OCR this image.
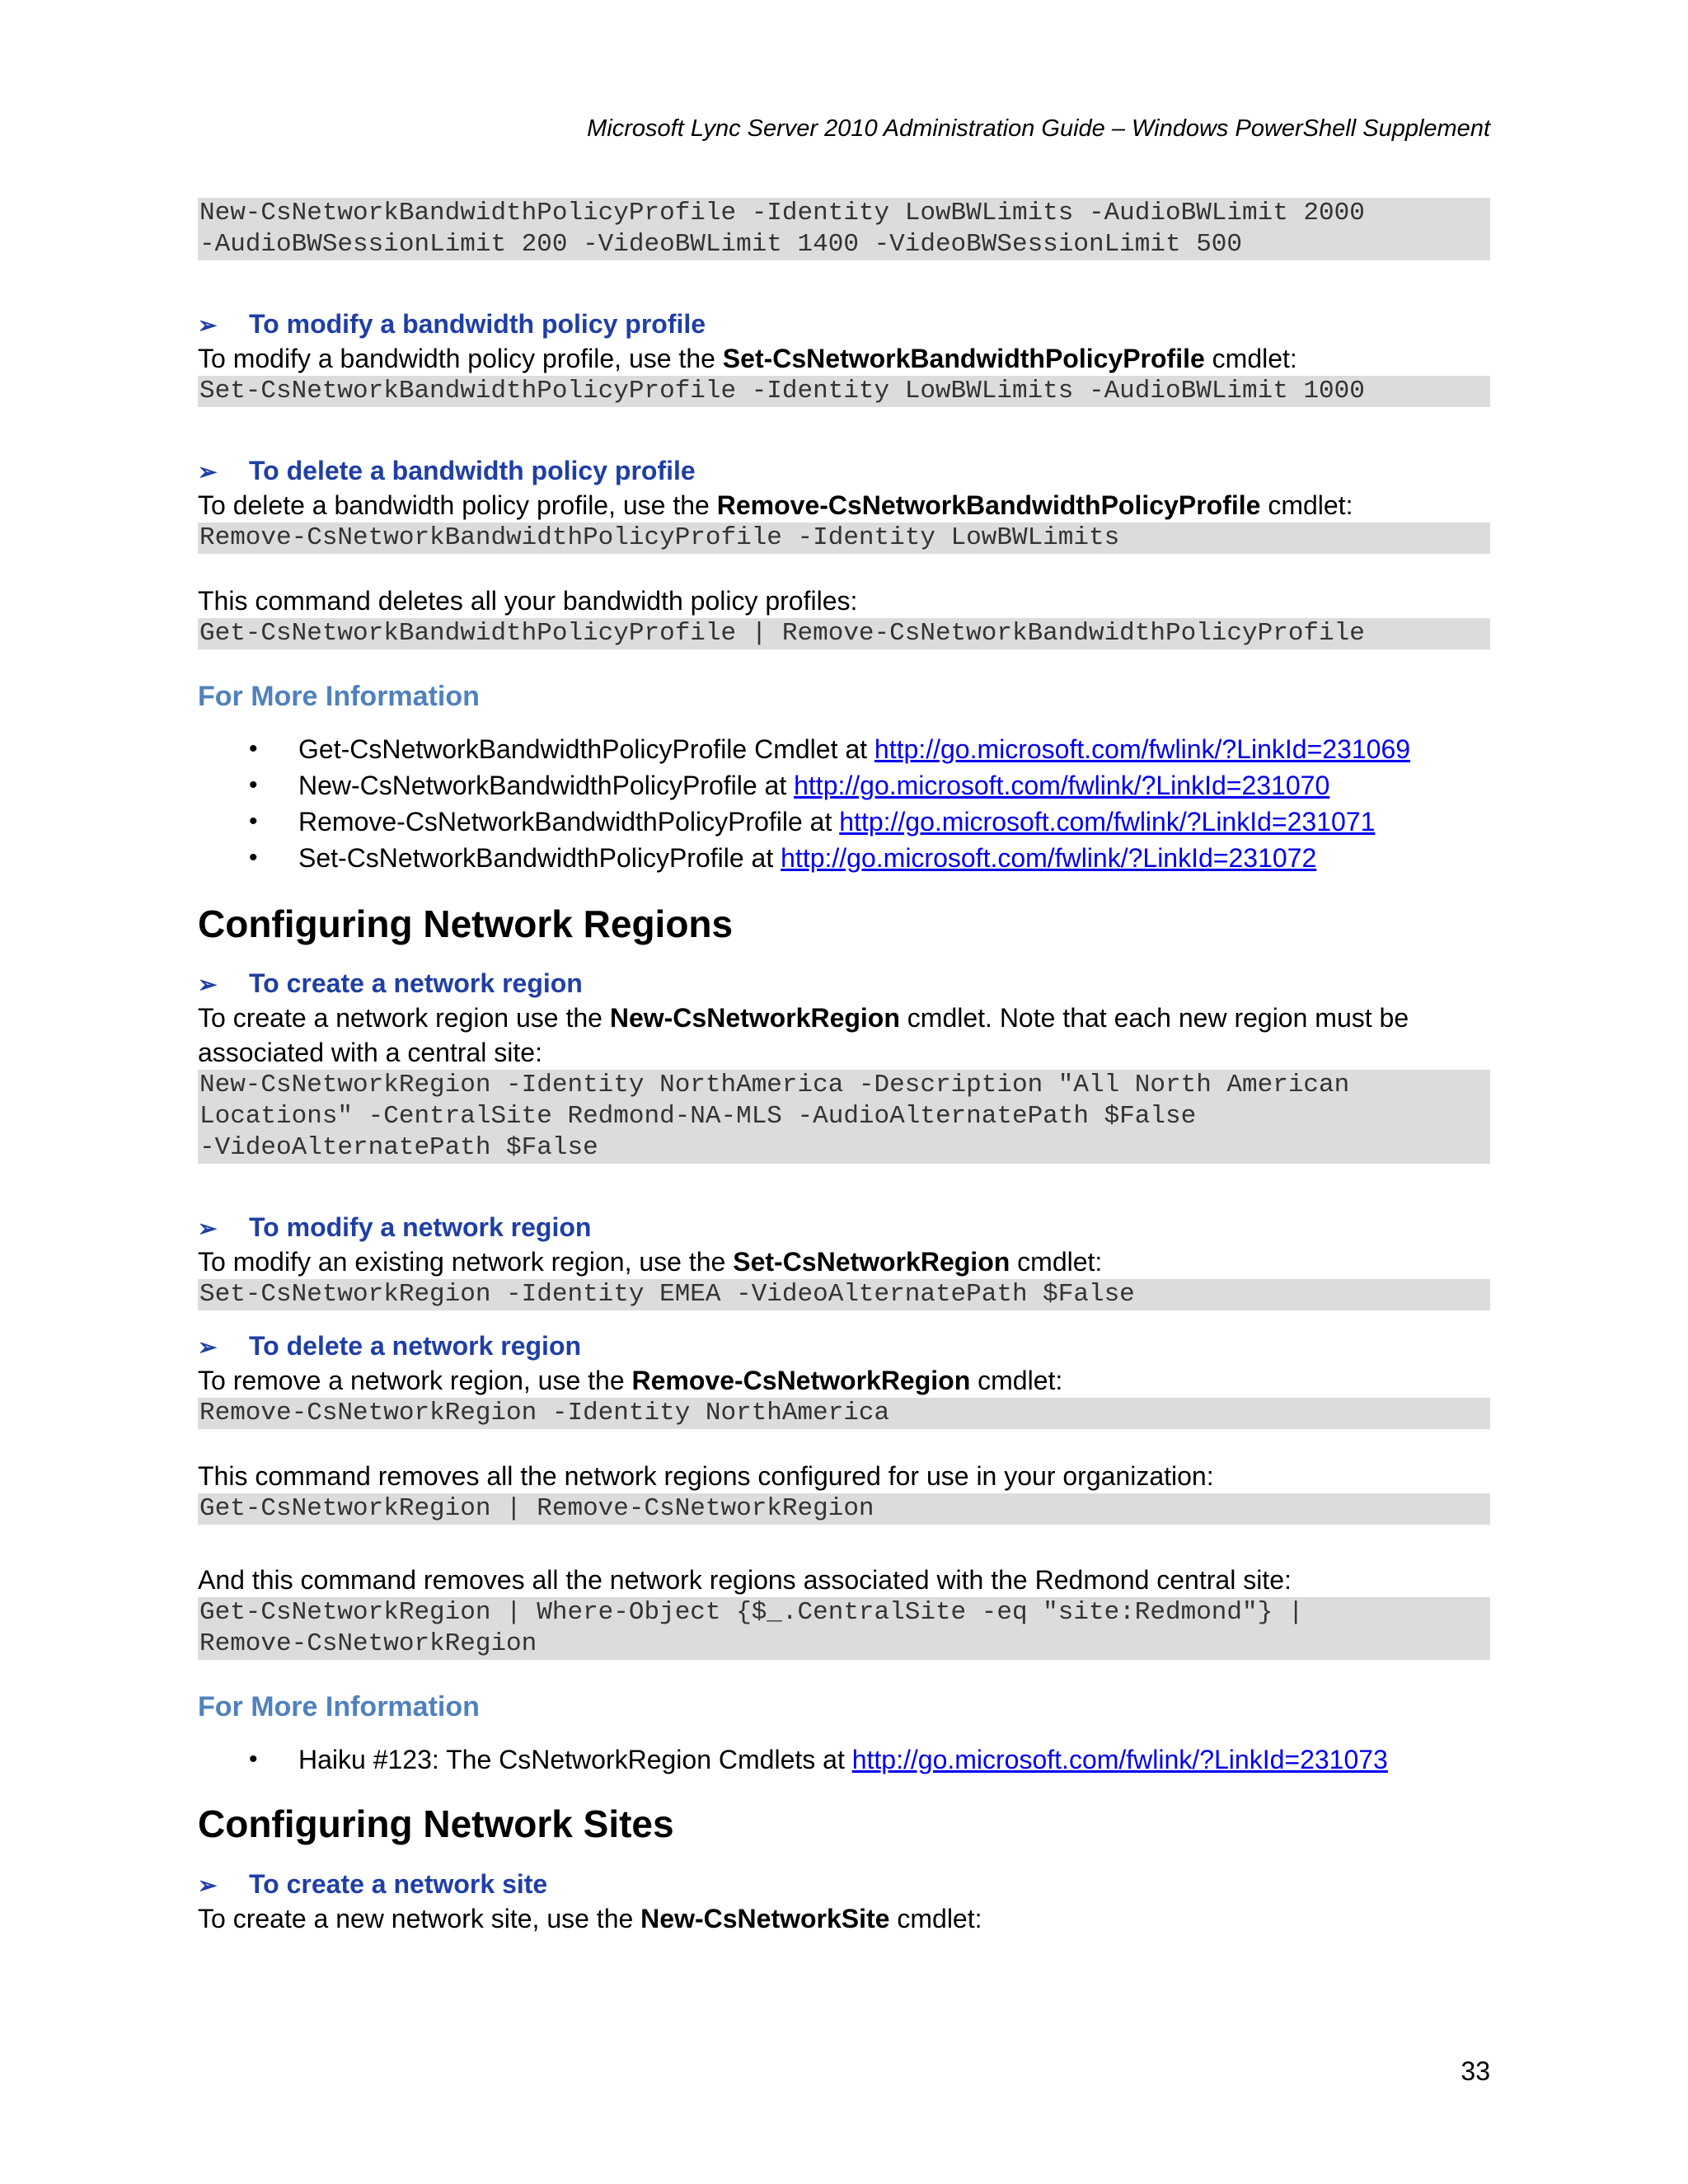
Microsoft Lync Server 2010 Administration Guide – Windows PowerShell Supplement
New-CsNetworkBandwidthPolicyProfile -Identity LowBWLimits -AudioBWLimit 2000
-AudioBWSessionLimit 200 -VideoBWLimit 1400 -VideoBWSessionLimit 500
➢ To modify a bandwidth policy profile
To modify a bandwidth policy profile, use the Set-CsNetworkBandwidthPolicyProfile cmdlet:
Set-CsNetworkBandwidthPolicyProfile -Identity LowBWLimits -AudioBWLimit 1000
➢ To delete a bandwidth policy profile
To delete a bandwidth policy profile, use the Remove-CsNetworkBandwidthPolicyProfile cmdlet:
Remove-CsNetworkBandwidthPolicyProfile -Identity LowBWLimits
This command deletes all your bandwidth policy profiles:
Get-CsNetworkBandwidthPolicyProfile | Remove-CsNetworkBandwidthPolicyProfile
For More Information
• Get-CsNetworkBandwidthPolicyProfile Cmdlet at http://go.microsoft.com/fwlink/?LinkId=231069
• New-CsNetworkBandwidthPolicyProfile at http://go.microsoft.com/fwlink/?LinkId=231070
• Remove-CsNetworkBandwidthPolicyProfile at http://go.microsoft.com/fwlink/?LinkId=231071
• Set-CsNetworkBandwidthPolicyProfile at http://go.microsoft.com/fwlink/?LinkId=231072
Configuring Network Regions
➢ To create a network region
To create a network region use the New-CsNetworkRegion cmdlet. Note that each new region must be associated with a central site:
New-CsNetworkRegion -Identity NorthAmerica -Description "All North American
Locations" -CentralSite Redmond-NA-MLS -AudioAlternatePath $False
-VideoAlternatePath $False
➢ To modify a network region
To modify an existing network region, use the Set-CsNetworkRegion cmdlet:
Set-CsNetworkRegion -Identity EMEA -VideoAlternatePath $False
➢ To delete a network region
To remove a network region, use the Remove-CsNetworkRegion cmdlet:
Remove-CsNetworkRegion -Identity NorthAmerica
This command removes all the network regions configured for use in your organization:
Get-CsNetworkRegion | Remove-CsNetworkRegion
And this command removes all the network regions associated with the Redmond central site:
Get-CsNetworkRegion | Where-Object {$_.CentralSite -eq "site:Redmond"} |
Remove-CsNetworkRegion
For More Information
• Haiku #123: The CsNetworkRegion Cmdlets at http://go.microsoft.com/fwlink/?LinkId=231073
Configuring Network Sites
➢ To create a network site
To create a new network site, use the New-CsNetworkSite cmdlet:
33
